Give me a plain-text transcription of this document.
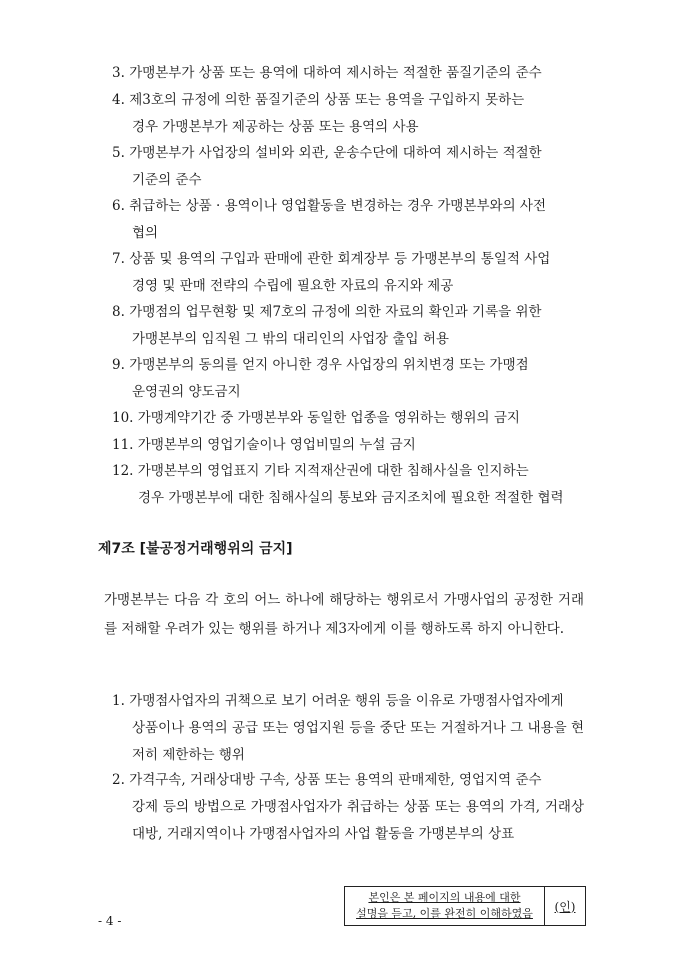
3. 가맹본부가 상품 또는 용역에 대하여 제시하는 적절한 품질기준의 준수
4. 제3호의 규정에 의한 품질기준의 상품 또는 용역을 구입하지 못하는
경우 가맹본부가 제공하는 상품 또는 용역의 사용
5. 가맹본부가 사업장의 설비와 외관, 운송수단에 대하여 제시하는 적절한
기준의 준수
6. 취급하는 상품 · 용역이나 영업활동을 변경하는 경우 가맹본부와의 사전
협의
7. 상품 및 용역의 구입과 판매에 관한 회계장부 등 가맹본부의 통일적 사업
경영 및 판매 전략의 수립에 필요한 자료의 유지와 제공
8. 가맹점의 업무현황 및 제7호의 규정에 의한 자료의 확인과 기록을 위한
가맹본부의 임직원 그 밖의 대리인의 사업장 출입 허용
9. 가맹본부의 동의를 얻지 아니한 경우 사업장의 위치변경 또는 가맹점
운영권의 양도금지
10. 가맹계약기간 중 가맹본부와 동일한 업종을 영위하는 행위의 금지
11. 가맹본부의 영업기술이나 영업비밀의 누설 금지
12. 가맹본부의 영업표지 기타 지적재산권에 대한 침해사실을 인지하는
경우 가맹본부에 대한 침해사실의 통보와 금지조치에 필요한 적절한 협력
제7조 [불공정거래행위의 금지]
가맹본부는 다음 각 호의 어느 하나에 해당하는 행위로서 가맹사업의 공정한 거래를 저해할 우려가 있는 행위를 하거나 제3자에게 이를 행하도록 하지 아니한다.
1. 가맹점사업자의 귀책으로 보기 어려운 행위 등을 이유로 가맹점사업자에게
상품이나 용역의 공급 또는 영업지원 등을 중단 또는 거절하거나 그 내용을 현저히 제한하는 행위
2. 가격구속, 거래상대방 구속, 상품 또는 용역의 판매제한, 영업지역 준수
강제 등의 방법으로 가맹점사업자가 취급하는 상품 또는 용역의 가격, 거래상대방, 거래지역이나 가맹점사업자의 사업 활동을 가맹본부의 상표
본인은 본 페이지의 내용에 대한
설명을 듣고, 이를 완전히 이해하였음	(인)
- 4 -
